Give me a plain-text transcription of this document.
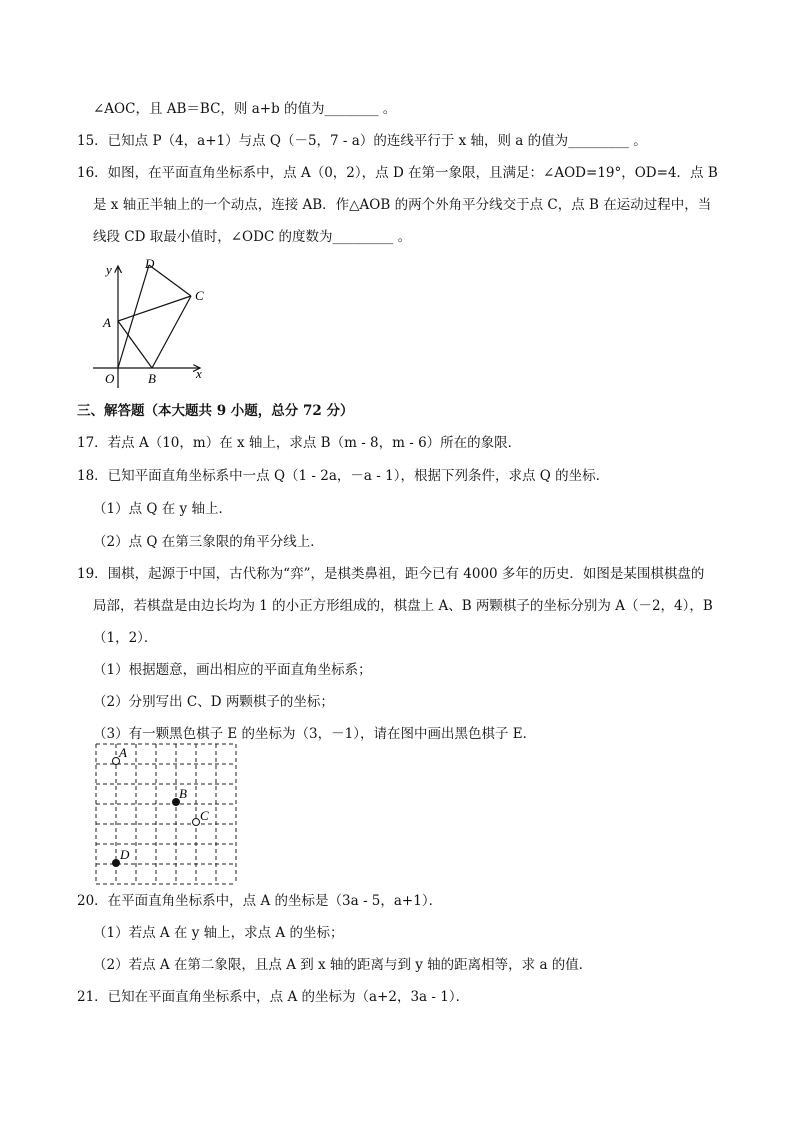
∠AOC，且 AB＝BC，则 a+b 的值为________ 。
15．已知点 P（4，a+1）与点 Q（－5，7 - a）的连线平行于 x 轴，则 a 的值为_________ 。
16．如图，在平面直角坐标系中，点 A（0，2），点 D 在第一象限，且满足：∠AOD=19°，OD=4．点 B
是 x 轴正半轴上的一个动点，连接 AB．作△AOB 的两个外角平分线交于点 C，点 B 在运动过程中，当
线段 CD 取最小值时，∠ODC 的度数为_________ 。
y
x
O
A
B
C
D
三、解答题（本大题共 9 小题，总分 72 分）
17．若点 A（10，m）在 x 轴上，求点 B（m - 8，m - 6）所在的象限．
18．已知平面直角坐标系中一点 Q（1 - 2a，－a - 1），根据下列条件，求点 Q 的坐标．
（1）点 Q 在 y 轴上．
（2）点 Q 在第三象限的角平分线上．
19．围棋，起源于中国，古代称为“弈”，是棋类鼻祖，距今已有 4000 多年的历史．如图是某围棋棋盘的
局部，若棋盘是由边长均为 1 的小正方形组成的，棋盘上 A、B 两颗棋子的坐标分别为 A（－2，4），B
（1，2）．
（1）根据题意，画出相应的平面直角坐标系；
（2）分别写出 C、D 两颗棋子的坐标；
（3）有一颗黑色棋子 E 的坐标为（3，－1），请在图中画出黑色棋子 E．
A
B
C
D
20．在平面直角坐标系中，点 A 的坐标是（3a - 5，a+1）．
（1）若点 A 在 y 轴上，求点 A 的坐标；
（2）若点 A 在第二象限，且点 A 到 x 轴的距离与到 y 轴的距离相等，求 a 的值．
21．已知在平面直角坐标系中，点 A 的坐标为（a+2，3a - 1）．
